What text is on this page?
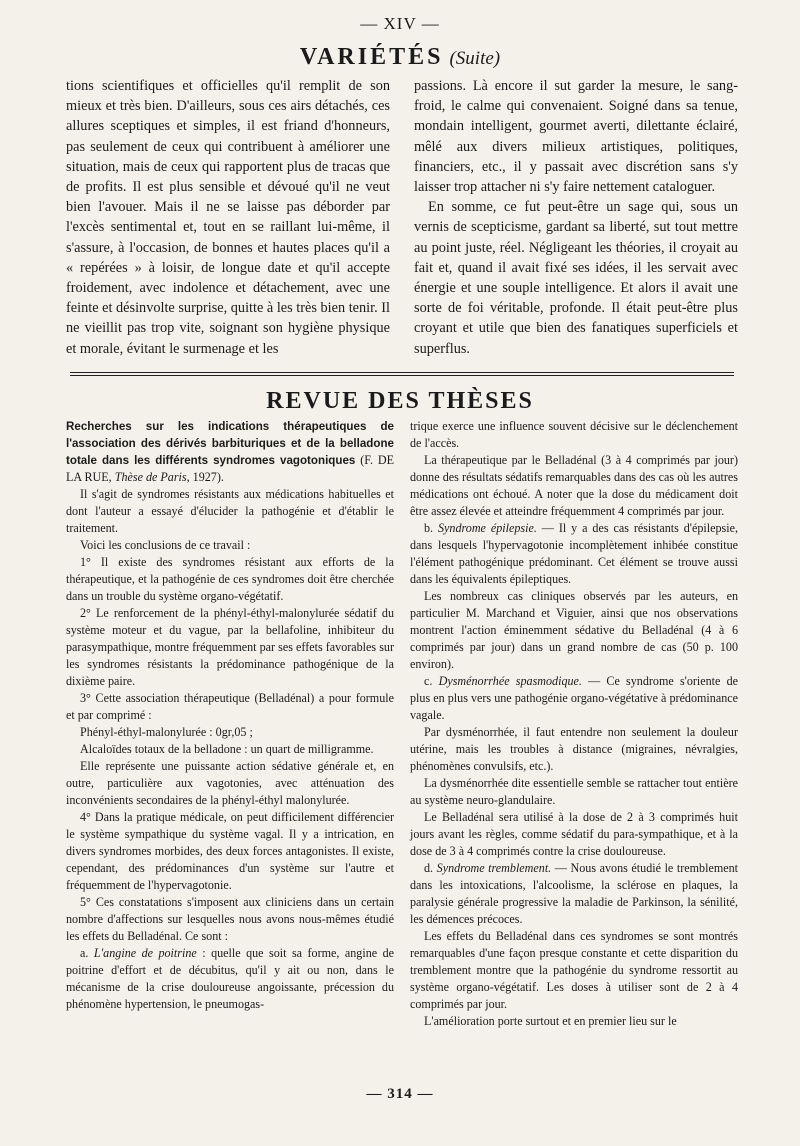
— XIV —
VARIÉTÉS (Suite)

tions scientifiques et officielles qu'il remplit de son mieux et très bien. D'ailleurs, sous ces airs détachés, ces allures sceptiques et simples, il est friand d'honneurs, pas seulement de ceux qui contribuent à améliorer une situation, mais de ceux qui rapportent plus de tracas que de profits. Il est plus sensible et dévoué qu'il ne veut bien l'avouer. Mais il ne se laisse pas déborder par l'excès sentimental et, tout en se raillant lui-même, il s'assure, à l'occasion, de bonnes et hautes places qu'il a « repérées » à loisir, de longue date et qu'il accepte froidement, avec indolence et détachement, avec une feinte et désinvolte surprise, quitte à les très bien tenir. Il ne vieillit pas trop vite, soignant son hygiène physique et morale, évitant le surmenage et les

passions. Là encore il sut garder la mesure, le sang-froid, le calme qui convenaient. Soigné dans sa tenue, mondain intelligent, gourmet averti, dilettante éclairé, mêlé aux divers milieux artistiques, politiques, financiers, etc., il y passait avec discrétion sans s'y laisser trop attacher ni s'y faire nettement cataloguer.

En somme, ce fut peut-être un sage qui, sous un vernis de scepticisme, gardant sa liberté, sut tout mettre au point juste, réel. Négligeant les théories, il croyait au fait et, quand il avait fixé ses idées, il les servait avec énergie et une souple intelligence. Et alors il avait une sorte de foi véritable, profonde. Il était peut-être plus croyant et utile que bien des fanatiques superficiels et superflus.

REVUE DES THÈSES

Recherches sur les indications thérapeutiques de l'association des dérivés barbituriques et de la belladone totale dans les différents syndromes vagotoniques (F. DE LA RUE, Thèse de Paris, 1927).

Il s'agit de syndromes résistants aux médications habituelles et dont l'auteur a essayé d'élucider la pathogénie et d'établir le traitement.

Voici les conclusions de ce travail :

1° Il existe des syndromes résistant aux efforts de la thérapeutique, et la pathogénie de ces syndromes doit être cherchée dans un trouble du système organo-végétatif.

2° Le renforcement de la phényl-éthyl-malonylurée sédatif du système moteur et du vague, par la bellafoline, inhibiteur du parasympathique, montre fréquemment par ses effets favorables sur les syndromes résistants la prédominance pathogénique de la dixième paire.

3° Cette association thérapeutique (Belladénal) a pour formule et par comprimé :

Phényl-éthyl-malonylurée : 0gr,05 ;

Alcaloïdes totaux de la belladone : un quart de milligramme.

Elle représente une puissante action sédative générale et, en outre, particulière aux vagotonies, avec atténuation des inconvénients secondaires de la phényl-éthyl malonylurée.

4° Dans la pratique médicale, on peut difficilement différencier le système sympathique du système vagal. Il y a intrication, en divers syndromes morbides, des deux forces antagonistes. Il existe, cependant, des prédominances d'un système sur l'autre et fréquemment de l'hypervagotonie.

5° Ces constatations s'imposent aux cliniciens dans un certain nombre d'affections sur lesquelles nous avons nous-mêmes étudié les effets du Belladénal. Ce sont :

a. L'angine de poitrine : quelle que soit sa forme, angine de poitrine d'effort et de décubitus, qu'il y ait ou non, dans le mécanisme de la crise douloureuse angoissante, précession du phénomène hypertension, le pneumogas-

trique exerce une influence souvent décisive sur le déclenchement de l'accès.

La thérapeutique par le Belladénal (3 à 4 comprimés par jour) donne des résultats sédatifs remarquables dans des cas où les autres médications ont échoué. A noter que la dose du médicament doit être assez élevée et atteindre fréquemment 4 comprimés par jour.

b. Syndrome épilepsie. — Il y a des cas résistants d'épilepsie, dans lesquels l'hypervagotonie incomplètement inhibée constitue l'élément pathogénique prédominant. Cet élément se trouve aussi dans les équivalents épileptiques.

Les nombreux cas cliniques observés par les auteurs, en particulier M. Marchand et Viguier, ainsi que nos observations montrent l'action éminemment sédative du Belladénal (4 à 6 comprimés par jour) dans un grand nombre de cas (50 p. 100 environ).

c. Dysménorrhée spasmodique. — Ce syndrome s'oriente de plus en plus vers une pathogénie organo-végétative à prédominance vagale.

Par dysménorrhée, il faut entendre non seulement la douleur utérine, mais les troubles à distance (migraines, névralgies, phénomènes convulsifs, etc.).

La dysménorrhée dite essentielle semble se rattacher tout entière au système neuro-glandulaire.

Le Belladénal sera utilisé à la dose de 2 à 3 comprimés huit jours avant les règles, comme sédatif du para-sympathique, et à la dose de 3 à 4 comprimés contre la crise douloureuse.

d. Syndrome tremblement. — Nous avons étudié le tremblement dans les intoxications, l'alcoolisme, la sclérose en plaques, la paralysie générale progressive la maladie de Parkinson, la sénilité, les démences précoces.

Les effets du Belladénal dans ces syndromes se sont montrés remarquables d'une façon presque constante et cette disparition du tremblement montre que la pathogénie du syndrome ressortit au système organo-végétatif. Les doses à utiliser sont de 2 à 4 comprimés par jour.

L'amélioration porte surtout et en premier lieu sur le

— 314 —
